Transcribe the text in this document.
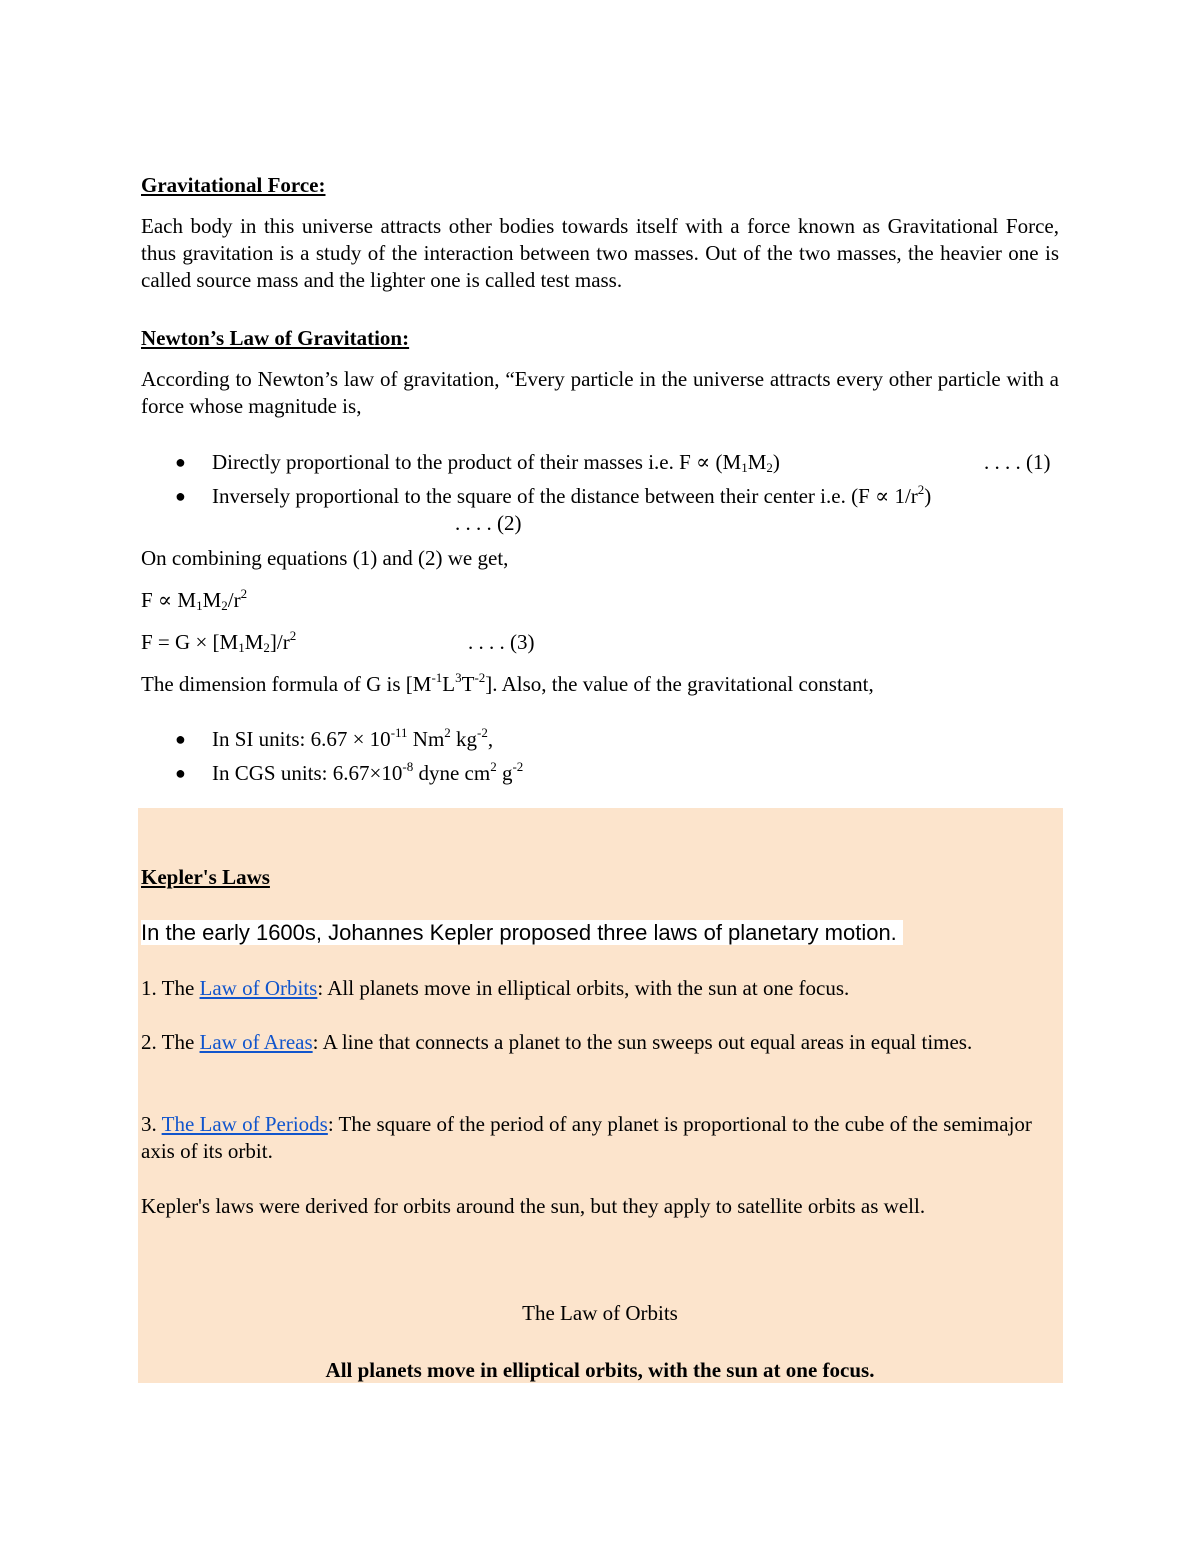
Gravitational Force:
Each body in this universe attracts other bodies towards itself with a force known as Gravitational Force, thus gravitation is a study of the interaction between two masses. Out of the two masses, the heavier one is called source mass and the lighter one is called test mass.
Newton’s Law of Gravitation:
According to Newton’s law of gravitation, “Every particle in the universe attracts every other particle with a force whose magnitude is,
● Directly proportional to the product of their masses i.e. $F \propto (M_1M_2)$	. . . . (1)
● Inversely proportional to the square of the distance between their center i.e. $(F \propto 1/r^2)$
. . . . (2)
On combining equations (1) and (2) we get,
$F \propto M_1M_2/r^2$
$F = G \times [M_1M_2]/r^2$	. . . . (3)
The dimension formula of G is $[M^{-1}L^3T^{-2}]$. Also, the value of the gravitational constant,
● In SI units: $6.67 \times 10^{-11}$ Nm$^2$ $kg^{-2}$,
● In CGS units: $6.67\times 10^{-8}$ dyne $cm^2$ $g^{-2}$
Kepler's Laws
In the early 1600s, Johannes Kepler proposed three laws of planetary motion.
1. The Law of Orbits: All planets move in elliptical orbits, with the sun at one focus.
2. The Law of Areas: A line that connects a planet to the sun sweeps out equal areas in equal times.
3. The Law of Periods: The square of the period of any planet is proportional to the cube of the semimajor axis of its orbit.
Kepler's laws were derived for orbits around the sun, but they apply to satellite orbits as well.
The Law of Orbits
All planets move in elliptical orbits, with the sun at one focus.
